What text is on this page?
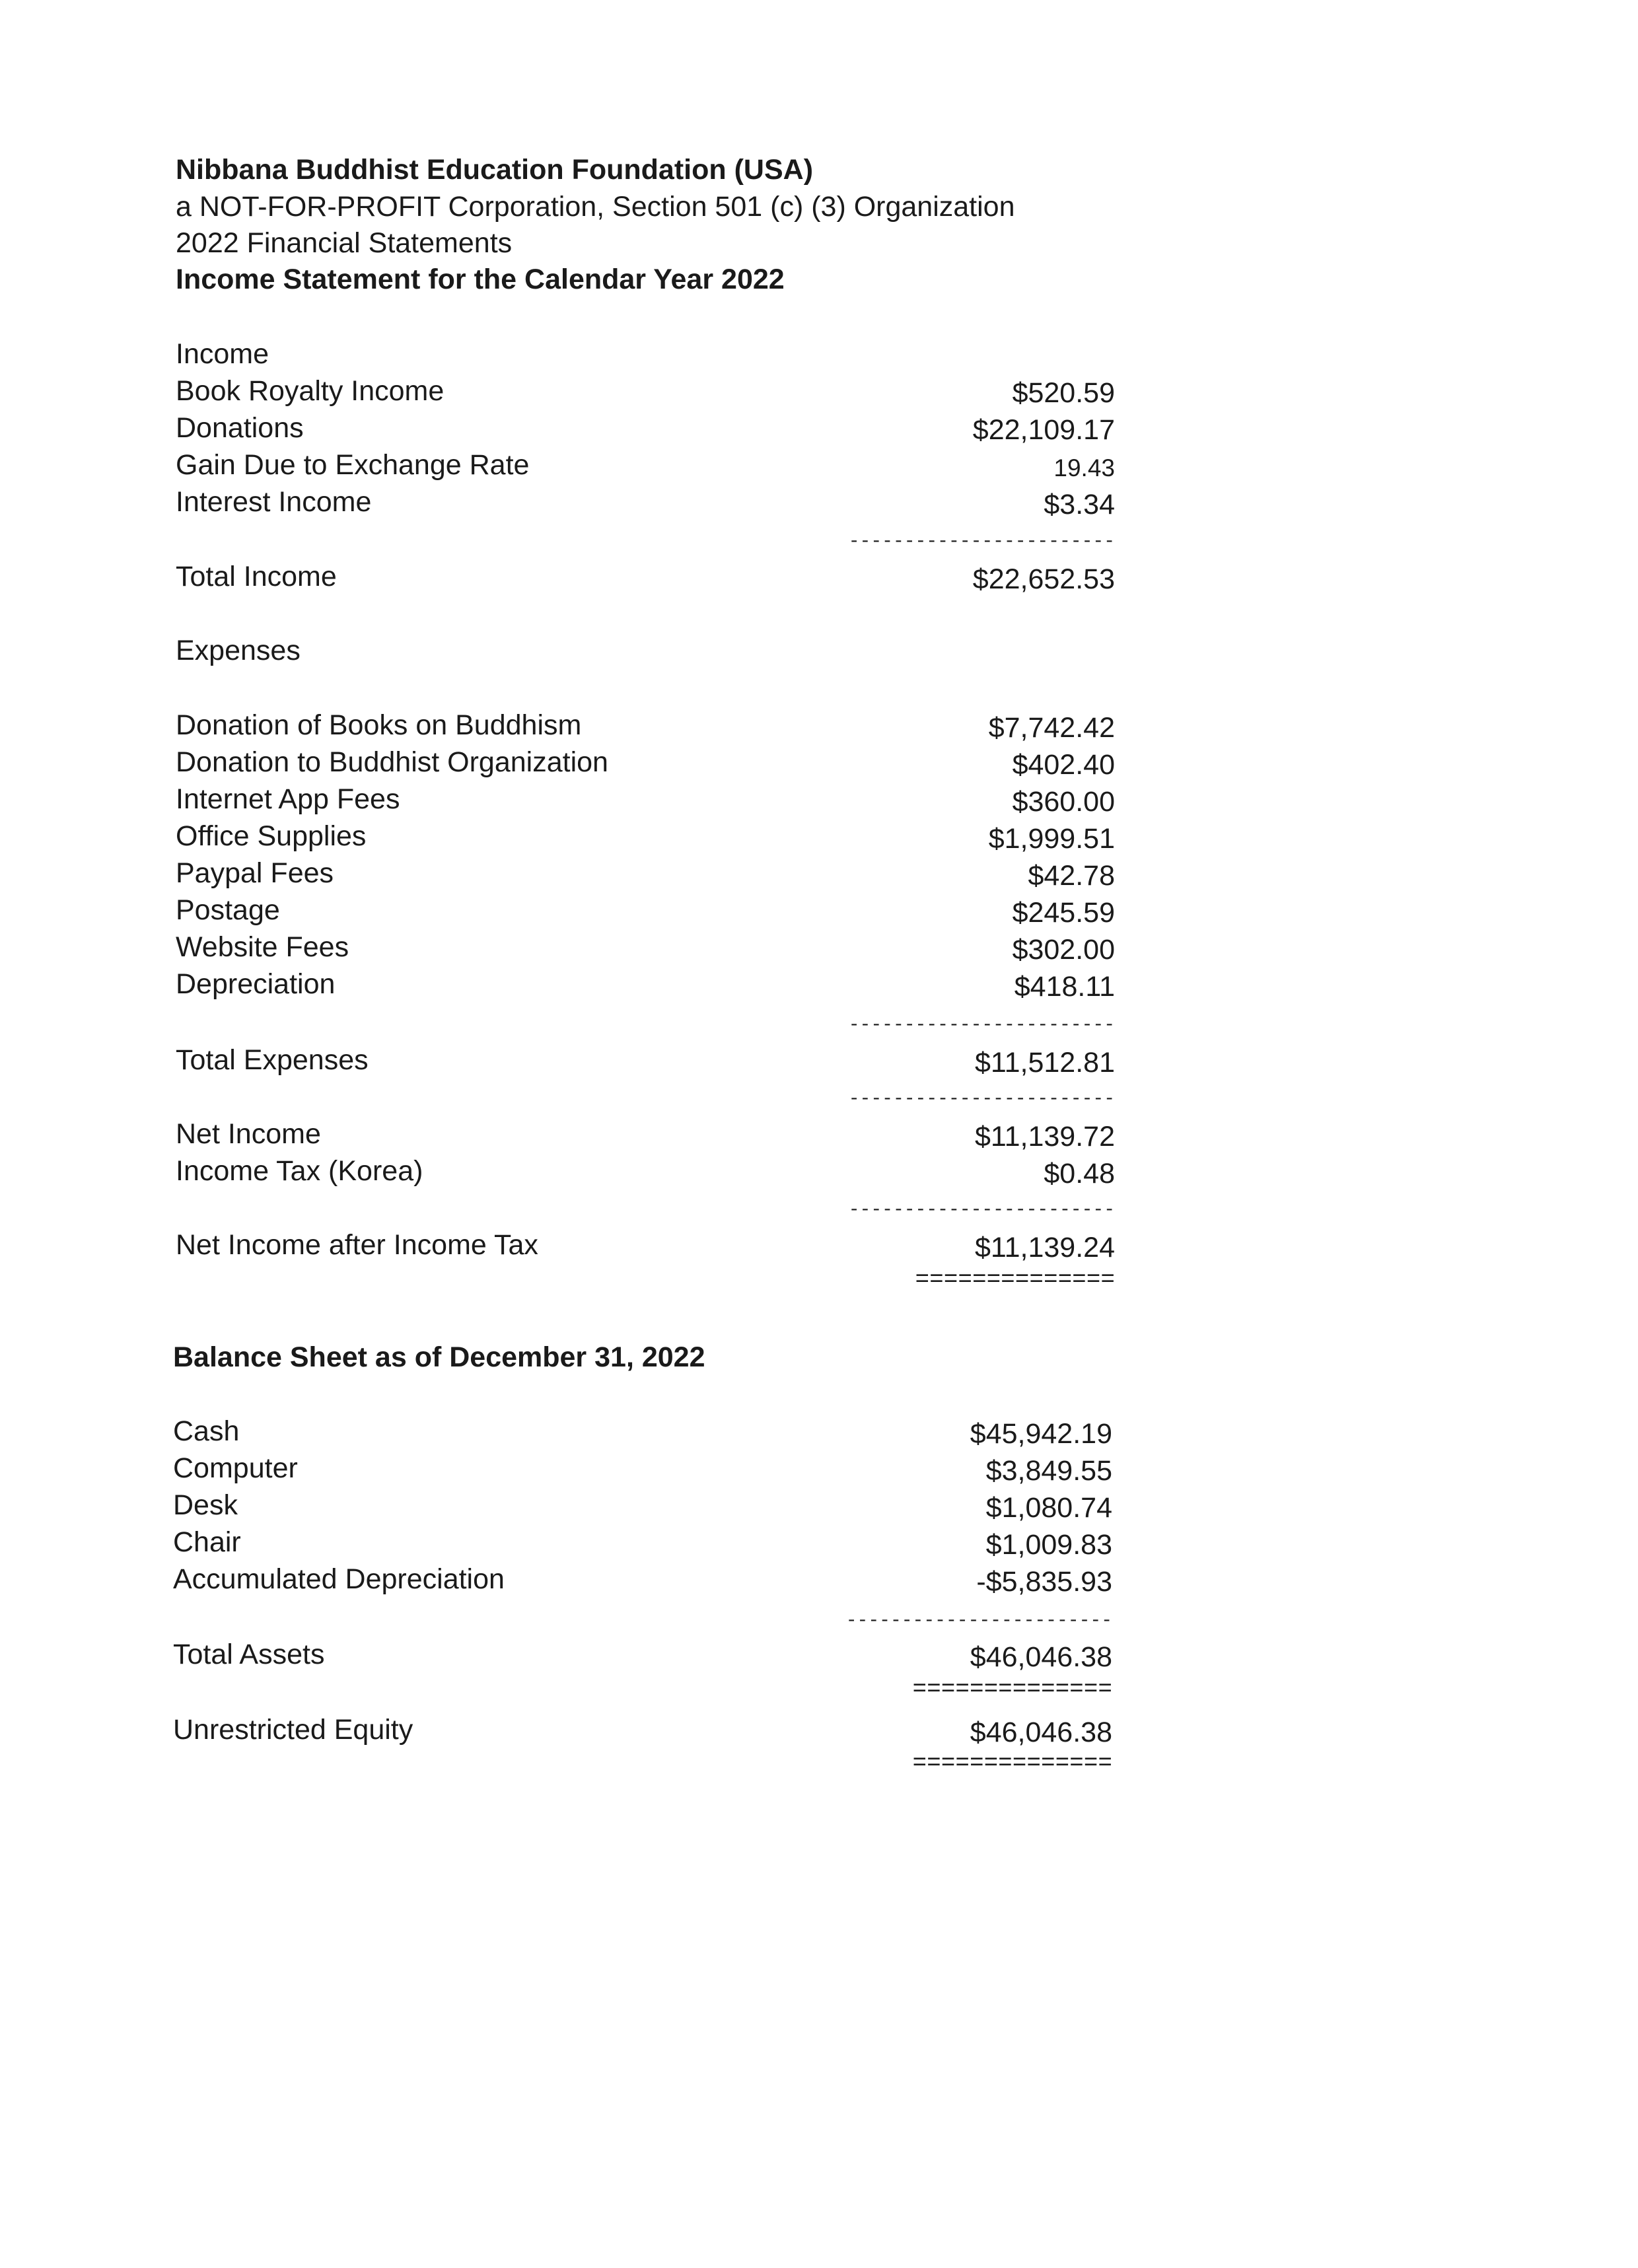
Nibbana Buddhist Education Foundation (USA)
a NOT-FOR-PROFIT Corporation, Section 501 (c) (3) Organization
2022 Financial Statements
Income Statement for the Calendar Year 2022
Income
Book Royalty Income	$520.59
Donations	$22,109.17
Gain Due to Exchange Rate	19.43
Interest Income	$3.34
------------------------
Total Income	$22,652.53
Expenses
Donation of Books on Buddhism	$7,742.42
Donation to Buddhist Organization	$402.40
Internet App Fees	$360.00
Office Supplies	$1,999.51
Paypal Fees	$42.78
Postage	$245.59
Website Fees	$302.00
Depreciation	$418.11
------------------------
Total Expenses	$11,512.81
------------------------
Net Income	$11,139.72
Income Tax (Korea)	$0.48
------------------------
Net Income after Income Tax	$11,139.24
==============
Balance Sheet as of December 31, 2022
Cash	$45,942.19
Computer	$3,849.55
Desk	$1,080.74
Chair	$1,009.83
Accumulated Depreciation	-$5,835.93
------------------------
Total Assets	$46,046.38
==============
Unrestricted Equity	$46,046.38
==============
